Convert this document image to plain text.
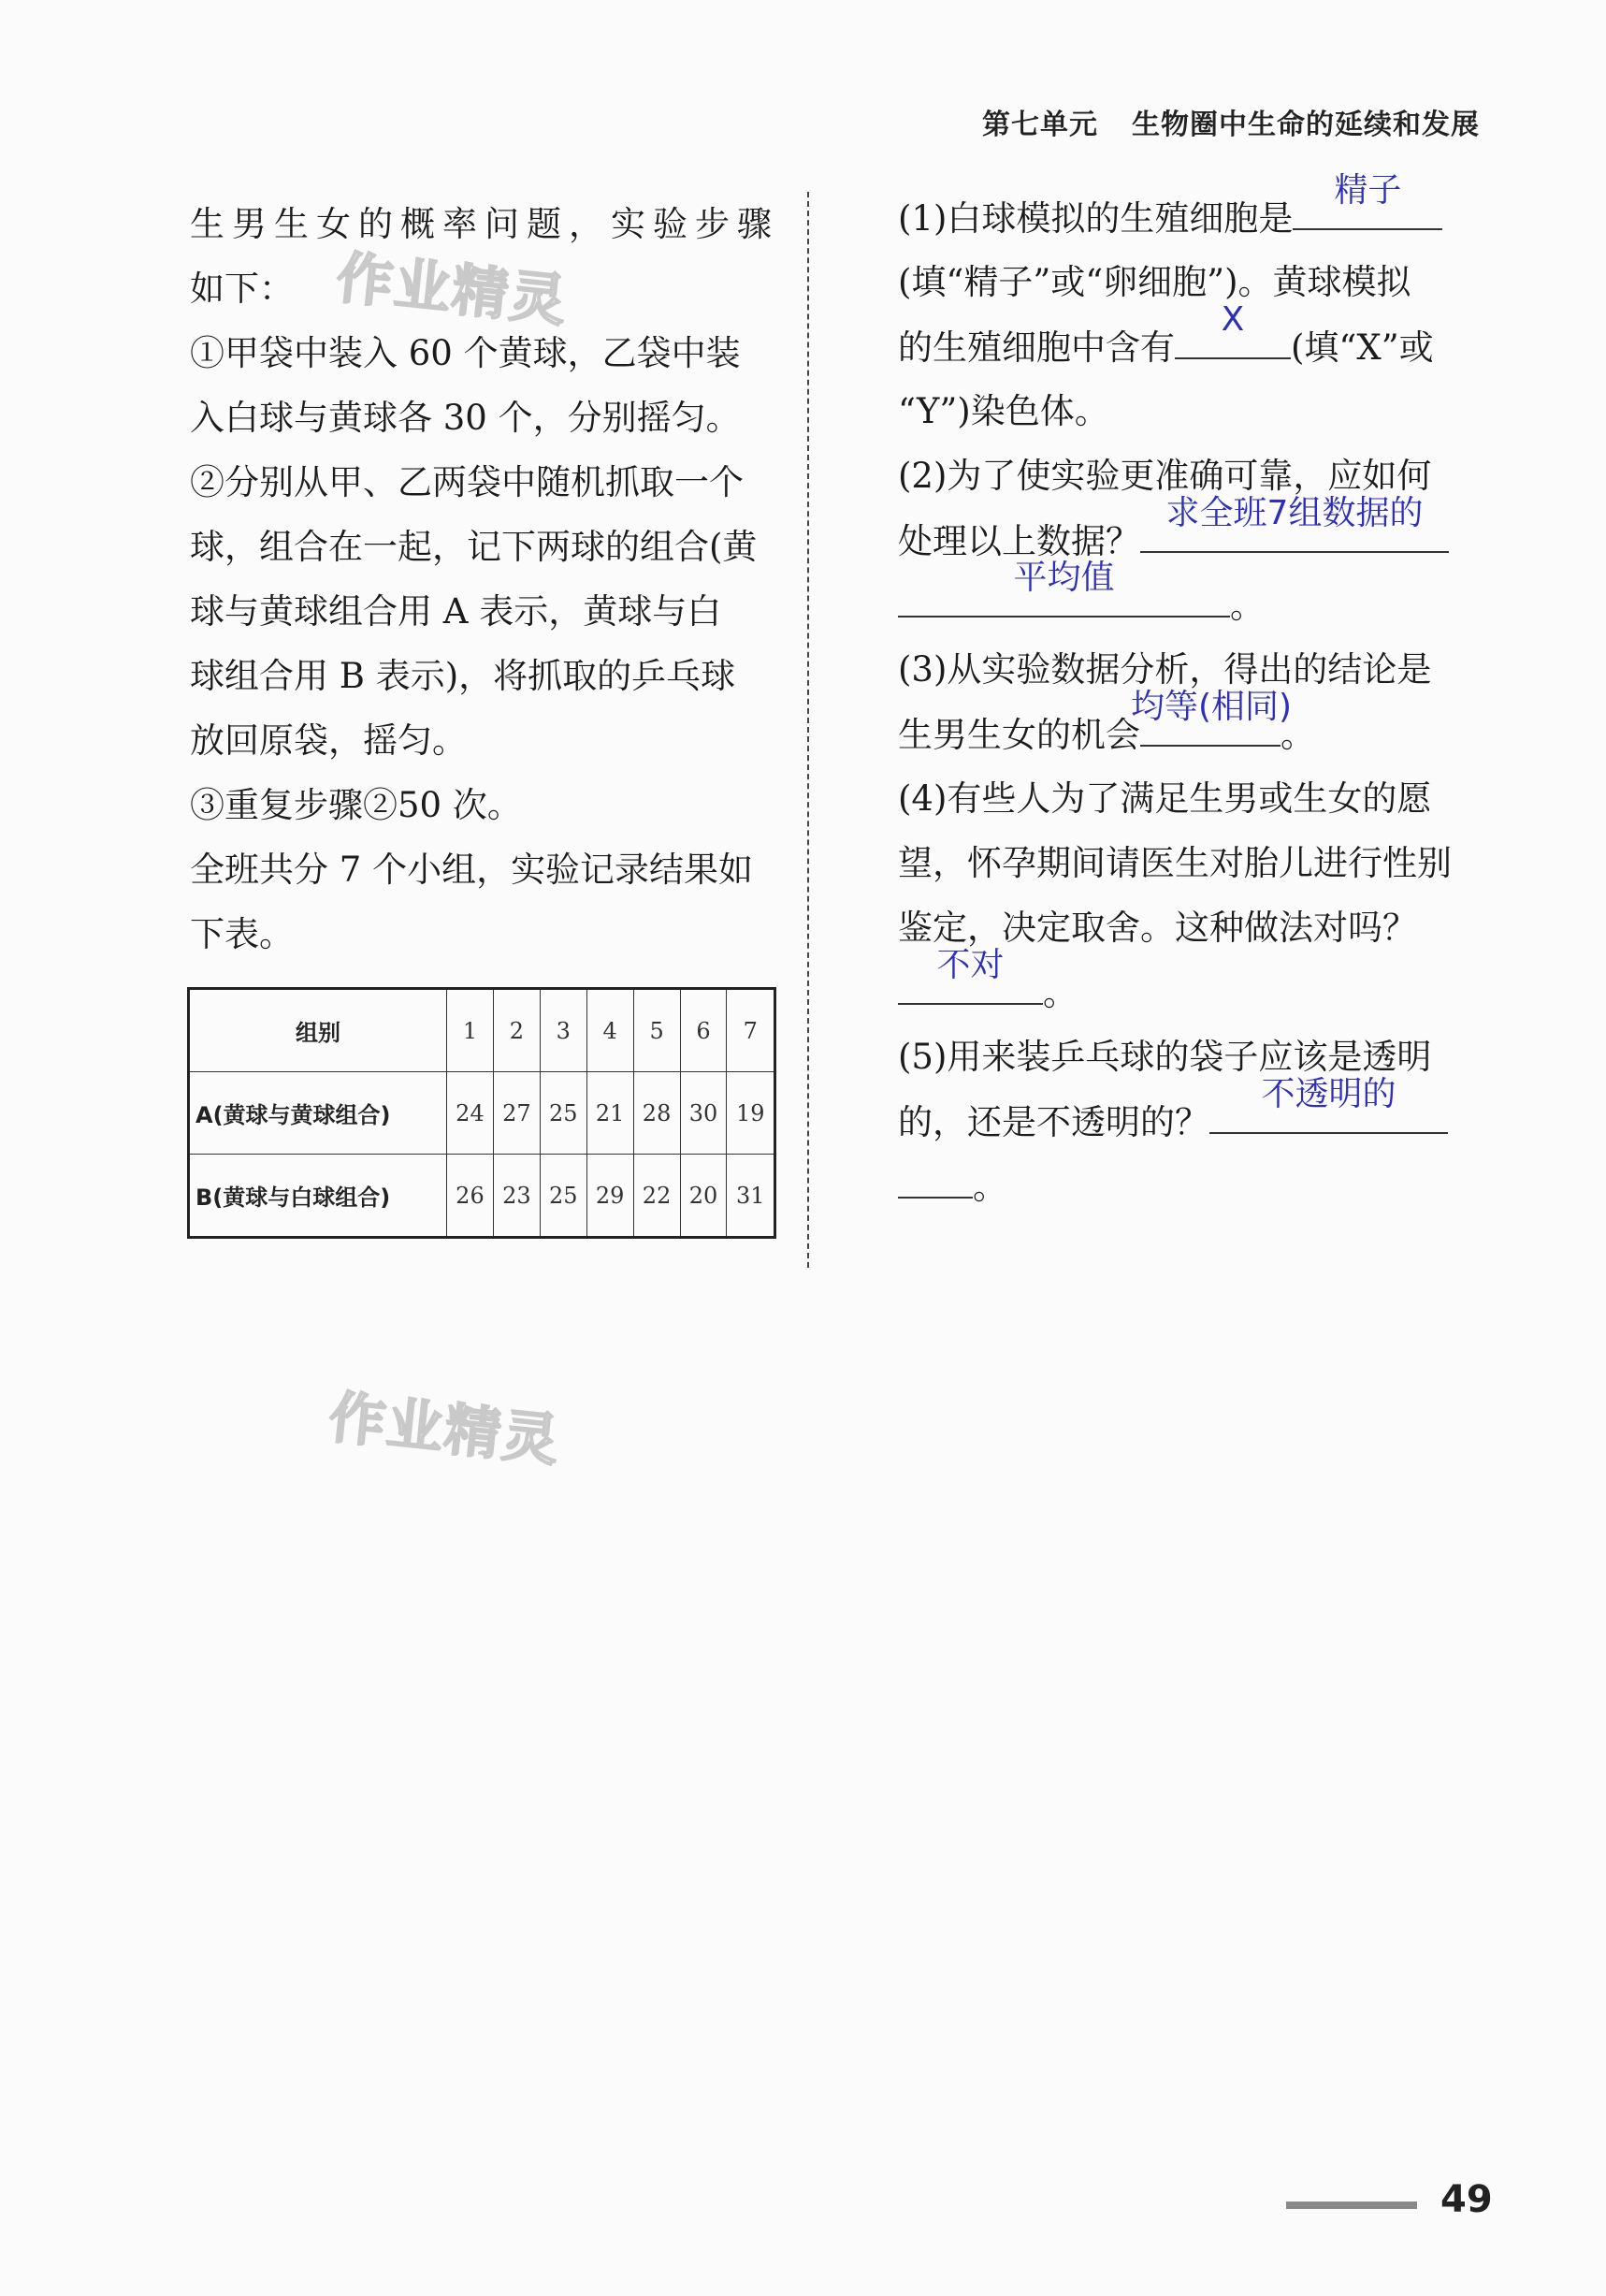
第七单元 生物圈中生命的延续和发展
生男生女的概率问题，实验步骤
如下：
①甲袋中装入 60 个黄球，乙袋中装
入白球与黄球各 30 个，分别摇匀。
②分别从甲、乙两袋中随机抓取一个
球，组合在一起，记下两球的组合(黄
球与黄球组合用 A 表示，黄球与白
球组合用 B 表示)，将抓取的乒乓球
放回原袋，摇匀。
③重复步骤②50 次。
全班共分 7 个小组，实验记录结果如
下表。
作业精灵
作业精灵
组别	1	2	3	4	5	6	7
A(黄球与黄球组合)	24	27	25	21	28	30	19
B(黄球与白球组合)	26	23	25	29	22	20	31
(1)白球模拟的生殖细胞是
精子
(填“精子”或“卵细胞”)。黄球模拟
的生殖细胞中含有
X
(填“X”或
“Y”)染色体。
(2)为了使实验更准确可靠，应如何
处理以上数据？
求全班7组数据的
平均值
。
(3)从实验数据分析，得出的结论是
生男生女的机会
均等(相同)
。
(4)有些人为了满足生男或生女的愿
望，怀孕期间请医生对胎儿进行性别
鉴定，决定取舍。这种做法对吗？
不对
。
(5)用来装乒乓球的袋子应该是透明
的，还是不透明的？
不透明的
。
49
